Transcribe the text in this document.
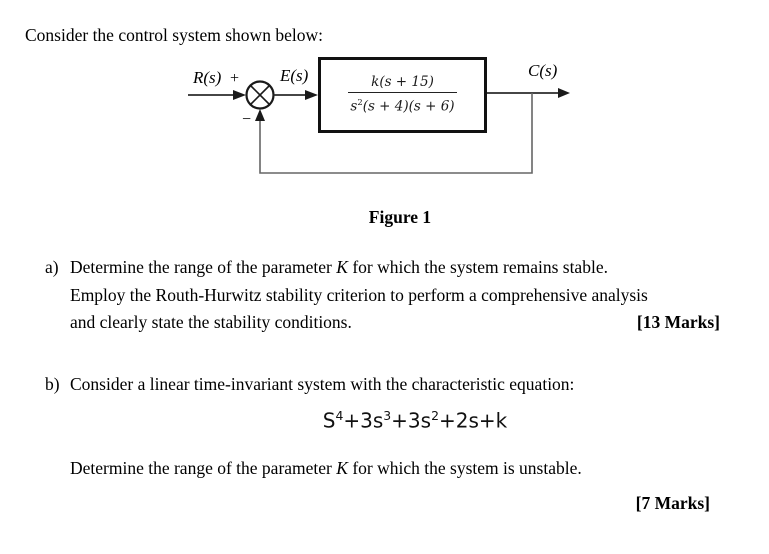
Consider the control system shown below:
R(s) + E(s)	C(s)
−
$\frac{k(s + 15)}{s^2(s + 4)(s + 6)}$
Figure 1
a) Determine the range of the parameter K for which the system remains stable.
Employ the Routh-Hurwitz stability criterion to perform a comprehensive analysis
and clearly state the stability conditions.	[13 Marks]
b) Consider a linear time-invariant system with the characteristic equation:
$S^4+3s^3+3s^2+2s+k$
Determine the range of the parameter K for which the system is unstable.
[7 Marks]
